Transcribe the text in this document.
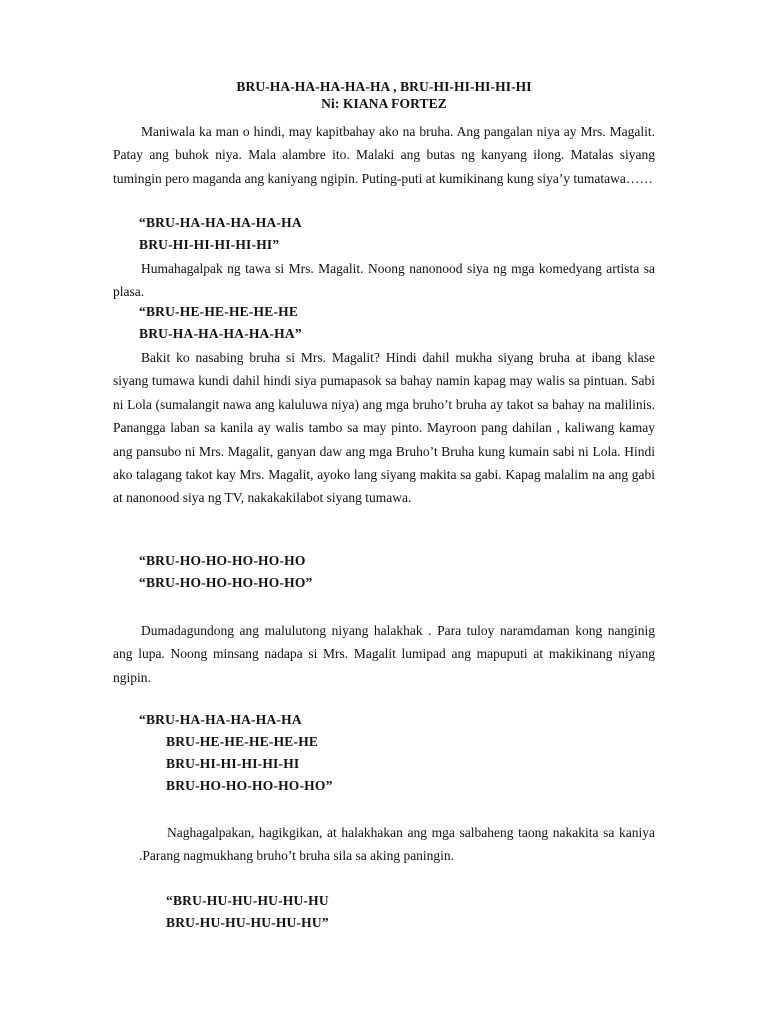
BRU-HA-HA-HA-HA-HA , BRU-HI-HI-HI-HI-HI
Ni: KIANA FORTEZ

Maniwala ka man o hindi, may kapitbahay ako na bruha. Ang pangalan niya ay Mrs. Magalit. Patay ang buhok niya. Mala alambre ito. Malaki ang butas ng kanyang ilong. Matalas siyang tumingin pero maganda ang kaniyang ngipin. Puting-puti at kumikinang kung siya’y tumatawa……

“BRU-HA-HA-HA-HA-HA
BRU-HI-HI-HI-HI-HI”

Humahagalpak ng tawa si Mrs. Magalit. Noong nanonood siya ng mga komedyang artista sa plasa.

“BRU-HE-HE-HE-HE-HE
BRU-HA-HA-HA-HA-HA”

Bakit ko nasabing bruha si Mrs. Magalit? Hindi dahil mukha siyang bruha at ibang klase siyang tumawa kundi dahil hindi siya pumapasok sa bahay namin kapag may walis sa pintuan. Sabi ni Lola (sumalangit nawa ang kaluluwa niya) ang mga bruho’t bruha ay takot sa bahay na malilinis. Panangga laban sa kanila ay walis tambo sa may pinto. Mayroon pang dahilan , kaliwang kamay ang pansubo ni Mrs. Magalit, ganyan daw ang mga Bruho’t Bruha kung kumain sabi ni Lola. Hindi ako talagang takot kay Mrs. Magalit, ayoko lang siyang makita sa gabi. Kapag malalim na ang gabi at nanonood siya ng TV, nakakakilabot siyang tumawa.

“BRU-HO-HO-HO-HO-HO
“BRU-HO-HO-HO-HO-HO”

Dumadagundong ang malulutong niyang halakhak . Para tuloy naramdaman kong nanginig ang lupa. Noong minsang nadapa si Mrs. Magalit lumipad ang mapuputi at makikinang niyang ngipin.

“BRU-HA-HA-HA-HA-HA
BRU-HE-HE-HE-HE-HE
BRU-HI-HI-HI-HI-HI
BRU-HO-HO-HO-HO-HO”

Naghagalpakan, hagikgikan, at halakhakan ang mga salbaheng taong nakakita sa kaniya .Parang nagmukhang bruho’t bruha sila sa aking paningin.

“BRU-HU-HU-HU-HU-HU
BRU-HU-HU-HU-HU-HU”
